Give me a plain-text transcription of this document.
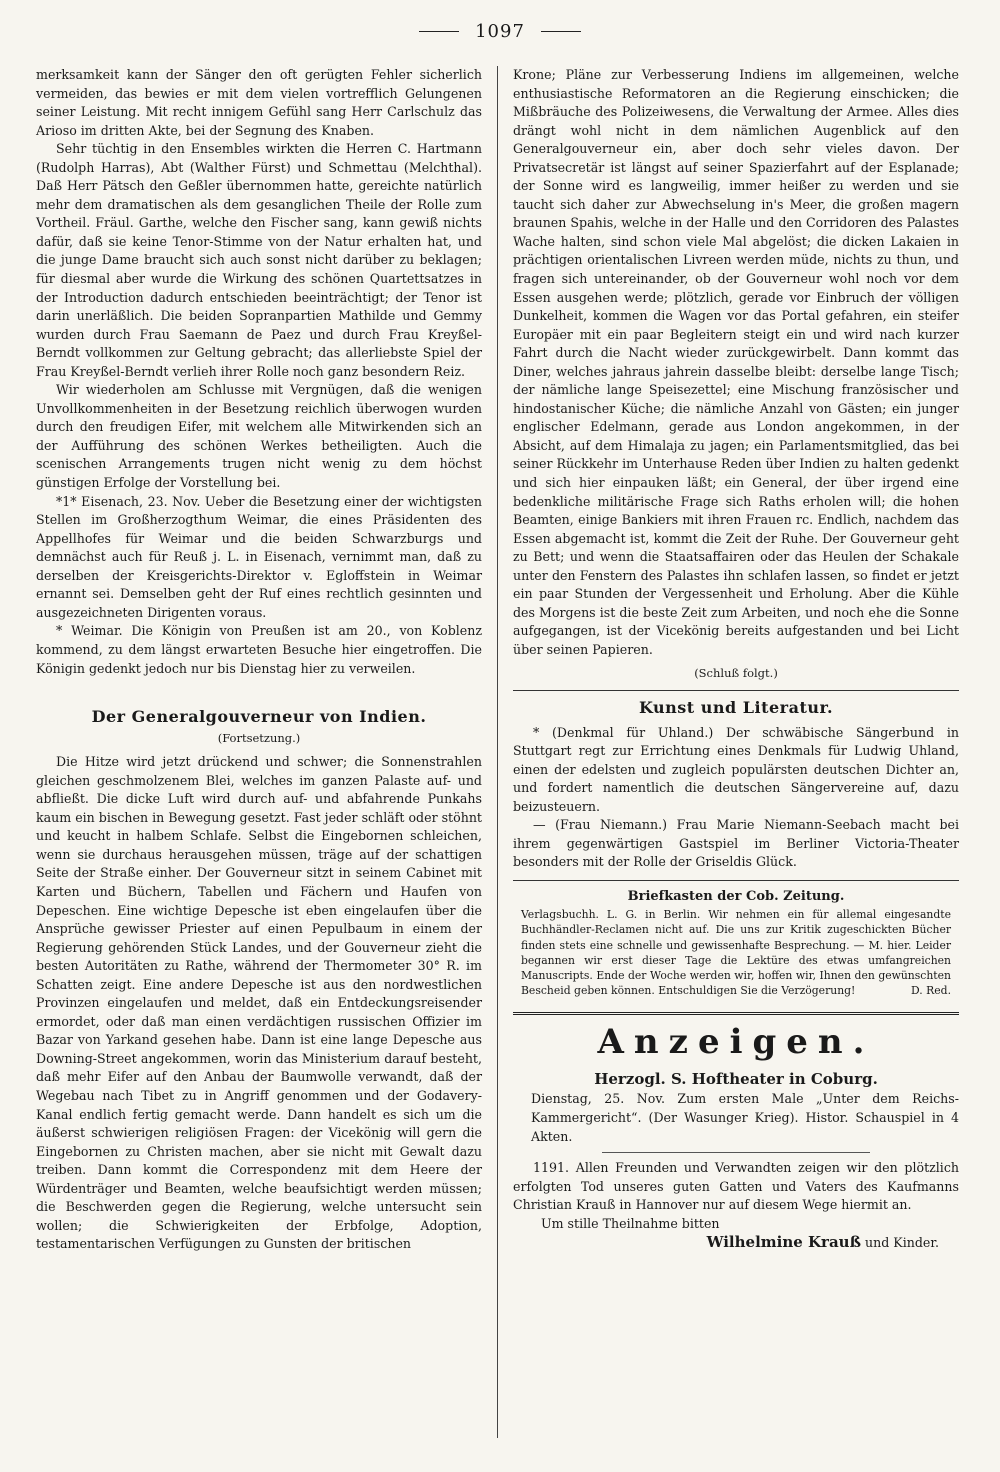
1097

merksamkeit kann der Sänger den oft gerügten Fehler sicherlich vermeiden, das bewies er mit dem vielen vortrefflich Gelungenen seiner Leistung. Mit recht innigem Gefühl sang Herr Carlschulz das Arioso im dritten Akte, bei der Segnung des Knaben.

Sehr tüchtig in den Ensembles wirkten die Herren C. Hartmann (Rudolph Harras), Abt (Walther Fürst) und Schmettau (Melchthal). Daß Herr Pätsch den Geßler übernommen hatte, gereichte natürlich mehr dem dramatischen als dem gesanglichen Theile der Rolle zum Vortheil. Fräul. Garthe, welche den Fischer sang, kann gewiß nichts dafür, daß sie keine Tenor-Stimme von der Natur erhalten hat, und die junge Dame braucht sich auch sonst nicht darüber zu beklagen; für diesmal aber wurde die Wirkung des schönen Quartettsatzes in der Introduction dadurch entschieden beeinträchtigt; der Tenor ist darin unerläßlich. Die beiden Sopranpartien Mathilde und Gemmy wurden durch Frau Saemann de Paez und durch Frau Kreyßel-Berndt vollkommen zur Geltung gebracht; das allerliebste Spiel der Frau Kreyßel-Berndt verlieh ihrer Rolle noch ganz besondern Reiz.

Wir wiederholen am Schlusse mit Vergnügen, daß die wenigen Unvollkommenheiten in der Besetzung reichlich überwogen wurden durch den freudigen Eifer, mit welchem alle Mitwirkenden sich an der Aufführung des schönen Werkes betheiligten. Auch die scenischen Arrangements trugen nicht wenig zu dem höchst günstigen Erfolge der Vorstellung bei.

*1* Eisenach, 23. Nov. Ueber die Besetzung einer der wichtigsten Stellen im Großherzogthum Weimar, die eines Präsidenten des Appellhofes für Weimar und die beiden Schwarzburgs und demnächst auch für Reuß j. L. in Eisenach, vernimmt man, daß zu derselben der Kreisgerichts-Direktor v. Egloffstein in Weimar ernannt sei. Demselben geht der Ruf eines rechtlich gesinnten und ausgezeichneten Dirigenten voraus.

* Weimar. Die Königin von Preußen ist am 20., von Koblenz kommend, zu dem längst erwarteten Besuche hier eingetroffen. Die Königin gedenkt jedoch nur bis Dienstag hier zu verweilen.

Der Generalgouverneur von Indien.

(Fortsetzung.)

Die Hitze wird jetzt drückend und schwer; die Sonnenstrahlen gleichen geschmolzenem Blei, welches im ganzen Palaste auf- und abfließt. Die dicke Luft wird durch auf- und abfahrende Punkahs kaum ein bischen in Bewegung gesetzt. Fast jeder schläft oder stöhnt und keucht in halbem Schlafe. Selbst die Eingebornen schleichen, wenn sie durchaus herausgehen müssen, träge auf der schattigen Seite der Straße einher. Der Gouverneur sitzt in seinem Cabinet mit Karten und Büchern, Tabellen und Fächern und Haufen von Depeschen. Eine wichtige Depesche ist eben eingelaufen über die Ansprüche gewisser Priester auf einen Pepulbaum in einem der Regierung gehörenden Stück Landes, und der Gouverneur zieht die besten Autoritäten zu Rathe, während der Thermometer 30° R. im Schatten zeigt. Eine andere Depesche ist aus den nordwestlichen Provinzen eingelaufen und meldet, daß ein Entdeckungsreisender ermordet, oder daß man einen verdächtigen russischen Offizier im Bazar von Yarkand gesehen habe. Dann ist eine lange Depesche aus Downing-Street angekommen, worin das Ministerium darauf besteht, daß mehr Eifer auf den Anbau der Baumwolle verwandt, daß der Wegebau nach Tibet zu in Angriff genommen und der Godavery-Kanal endlich fertig gemacht werde. Dann handelt es sich um die äußerst schwierigen religiösen Fragen: der Vicekönig will gern die Eingebornen zu Christen machen, aber sie nicht mit Gewalt dazu treiben. Dann kommt die Correspondenz mit dem Heere der Würdenträger und Beamten, welche beaufsichtigt werden müssen; die Beschwerden gegen die Regierung, welche untersucht sein wollen; die Schwierigkeiten der Erbfolge, Adoption, testamentarischen Verfügungen zu Gunsten der britischen

Krone; Pläne zur Verbesserung Indiens im allgemeinen, welche enthusiastische Reformatoren an die Regierung einschicken; die Mißbräuche des Polizeiwesens, die Verwaltung der Armee. Alles dies drängt wohl nicht in dem nämlichen Augenblick auf den Generalgouverneur ein, aber doch sehr vieles davon. Der Privatsecretär ist längst auf seiner Spazierfahrt auf der Esplanade; der Sonne wird es langweilig, immer heißer zu werden und sie taucht sich daher zur Abwechselung in's Meer, die großen magern braunen Spahis, welche in der Halle und den Corridoren des Palastes Wache halten, sind schon viele Mal abgelöst; die dicken Lakaien in prächtigen orientalischen Livreen werden müde, nichts zu thun, und fragen sich untereinander, ob der Gouverneur wohl noch vor dem Essen ausgehen werde; plötzlich, gerade vor Einbruch der völligen Dunkelheit, kommen die Wagen vor das Portal gefahren, ein steifer Europäer mit ein paar Begleitern steigt ein und wird nach kurzer Fahrt durch die Nacht wieder zurückgewirbelt. Dann kommt das Diner, welches jahraus jahrein dasselbe bleibt: derselbe lange Tisch; der nämliche lange Speisezettel; eine Mischung französischer und hindostanischer Küche; die nämliche Anzahl von Gästen; ein junger englischer Edelmann, gerade aus London angekommen, in der Absicht, auf dem Himalaja zu jagen; ein Parlamentsmitglied, das bei seiner Rückkehr im Unterhause Reden über Indien zu halten gedenkt und sich hier einpauken läßt; ein General, der über irgend eine bedenkliche militärische Frage sich Raths erholen will; die hohen Beamten, einige Bankiers mit ihren Frauen rc. Endlich, nachdem das Essen abgemacht ist, kommt die Zeit der Ruhe. Der Gouverneur geht zu Bett; und wenn die Staatsaffairen oder das Heulen der Schakale unter den Fenstern des Palastes ihn schlafen lassen, so findet er jetzt ein paar Stunden der Vergessenheit und Erholung. Aber die Kühle des Morgens ist die beste Zeit zum Arbeiten, und noch ehe die Sonne aufgegangen, ist der Vicekönig bereits aufgestanden und bei Licht über seinen Papieren.

(Schluß folgt.)

Kunst und Literatur.

* (Denkmal für Uhland.) Der schwäbische Sängerbund in Stuttgart regt zur Errichtung eines Denkmals für Ludwig Uhland, einen der edelsten und zugleich populärsten deutschen Dichter an, und fordert namentlich die deutschen Sängervereine auf, dazu beizusteuern.

— (Frau Niemann.) Frau Marie Niemann-Seebach macht bei ihrem gegenwärtigen Gastspiel im Berliner Victoria-Theater besonders mit der Rolle der Griseldis Glück.

Briefkasten der Cob. Zeitung.

Verlagsbuchh. L. G. in Berlin. Wir nehmen ein für allemal eingesandte Buchhändler-Reclamen nicht auf. Die uns zur Kritik zugeschickten Bücher finden stets eine schnelle und gewissenhafte Besprechung. — M. hier. Leider begannen wir erst dieser Tage die Lektüre des etwas umfangreichen Manuscripts. Ende der Woche werden wir, hoffen wir, Ihnen den gewünschten Bescheid geben können. Entschuldigen Sie die Verzögerung!	D. Red.

Anzeigen.

Herzogl. S. Hoftheater in Coburg.

Dienstag, 25. Nov. Zum ersten Male „Unter dem Reichs-Kammergericht“. (Der Wasunger Krieg). Histor. Schauspiel in 4 Akten.

1191. Allen Freunden und Verwandten zeigen wir den plötzlich erfolgten Tod unseres guten Gatten und Vaters des Kaufmanns Christian Krauß in Hannover nur auf diesem Wege hiermit an.

Um stille Theilnahme bitten

Wilhelmine Krauß und Kinder.
